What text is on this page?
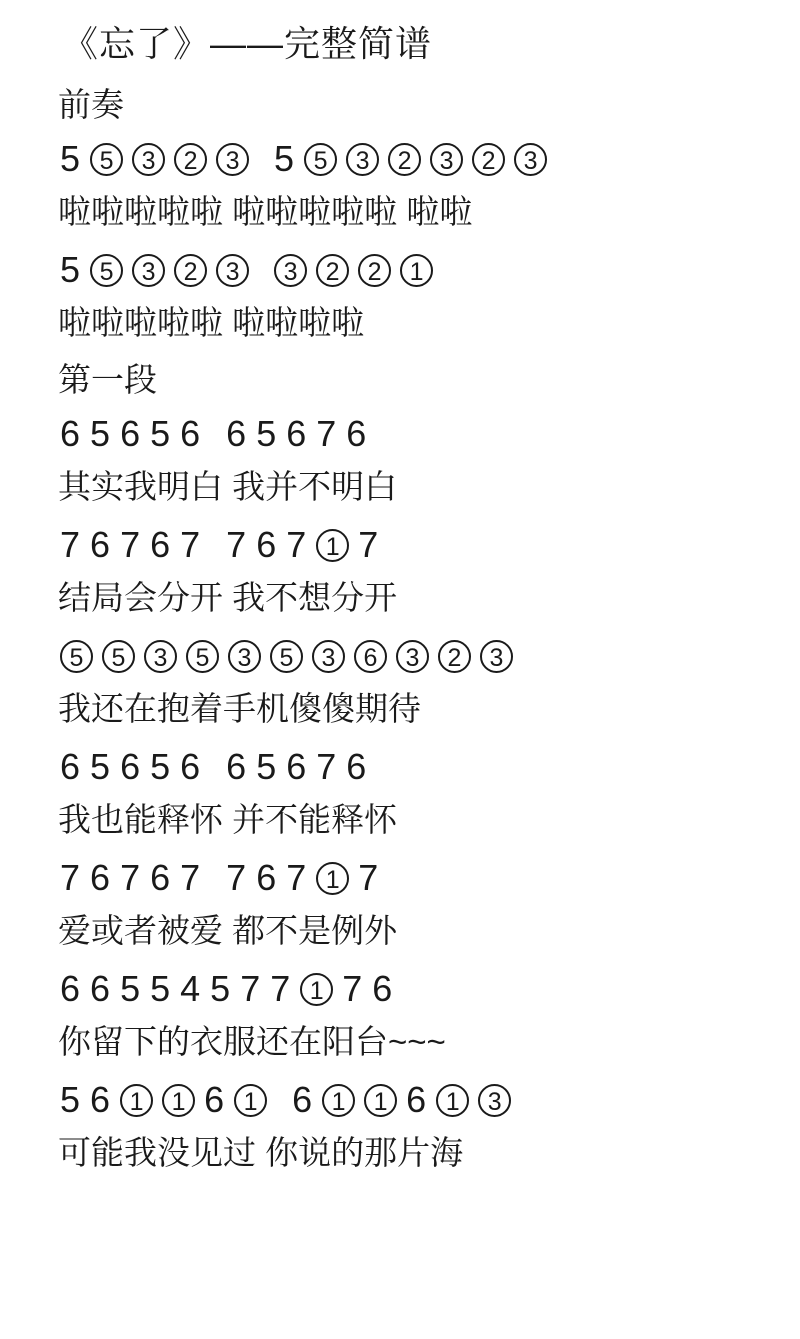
《忘了》——完整简谱
前奏
5 5 3 2 3 5 5 3 2 3 2 3
啦啦啦啦啦 啦啦啦啦啦 啦啦
5 5 3 2 3 3 2 2 1
啦啦啦啦啦 啦啦啦啦
第一段
6 5 6 5 6 6 5 6 7 6
其实我明白 我并不明白
7 6 7 6 7 7 6 7 1 7
结局会分开 我不想分开
5 5 3 5 3 5 3 6 3 2 3
我还在抱着手机傻傻期待
6 5 6 5 6 6 5 6 7 6
我也能释怀 并不能释怀
7 6 7 6 7 7 6 7 1 7
爱或者被爱 都不是例外
6 6 5 5 4 5 7 7 1 7 6
你留下的衣服还在阳台~~~
5 6 1 1 6 1 6 1 1 6 1 3
可能我没见过 你说的那片海
